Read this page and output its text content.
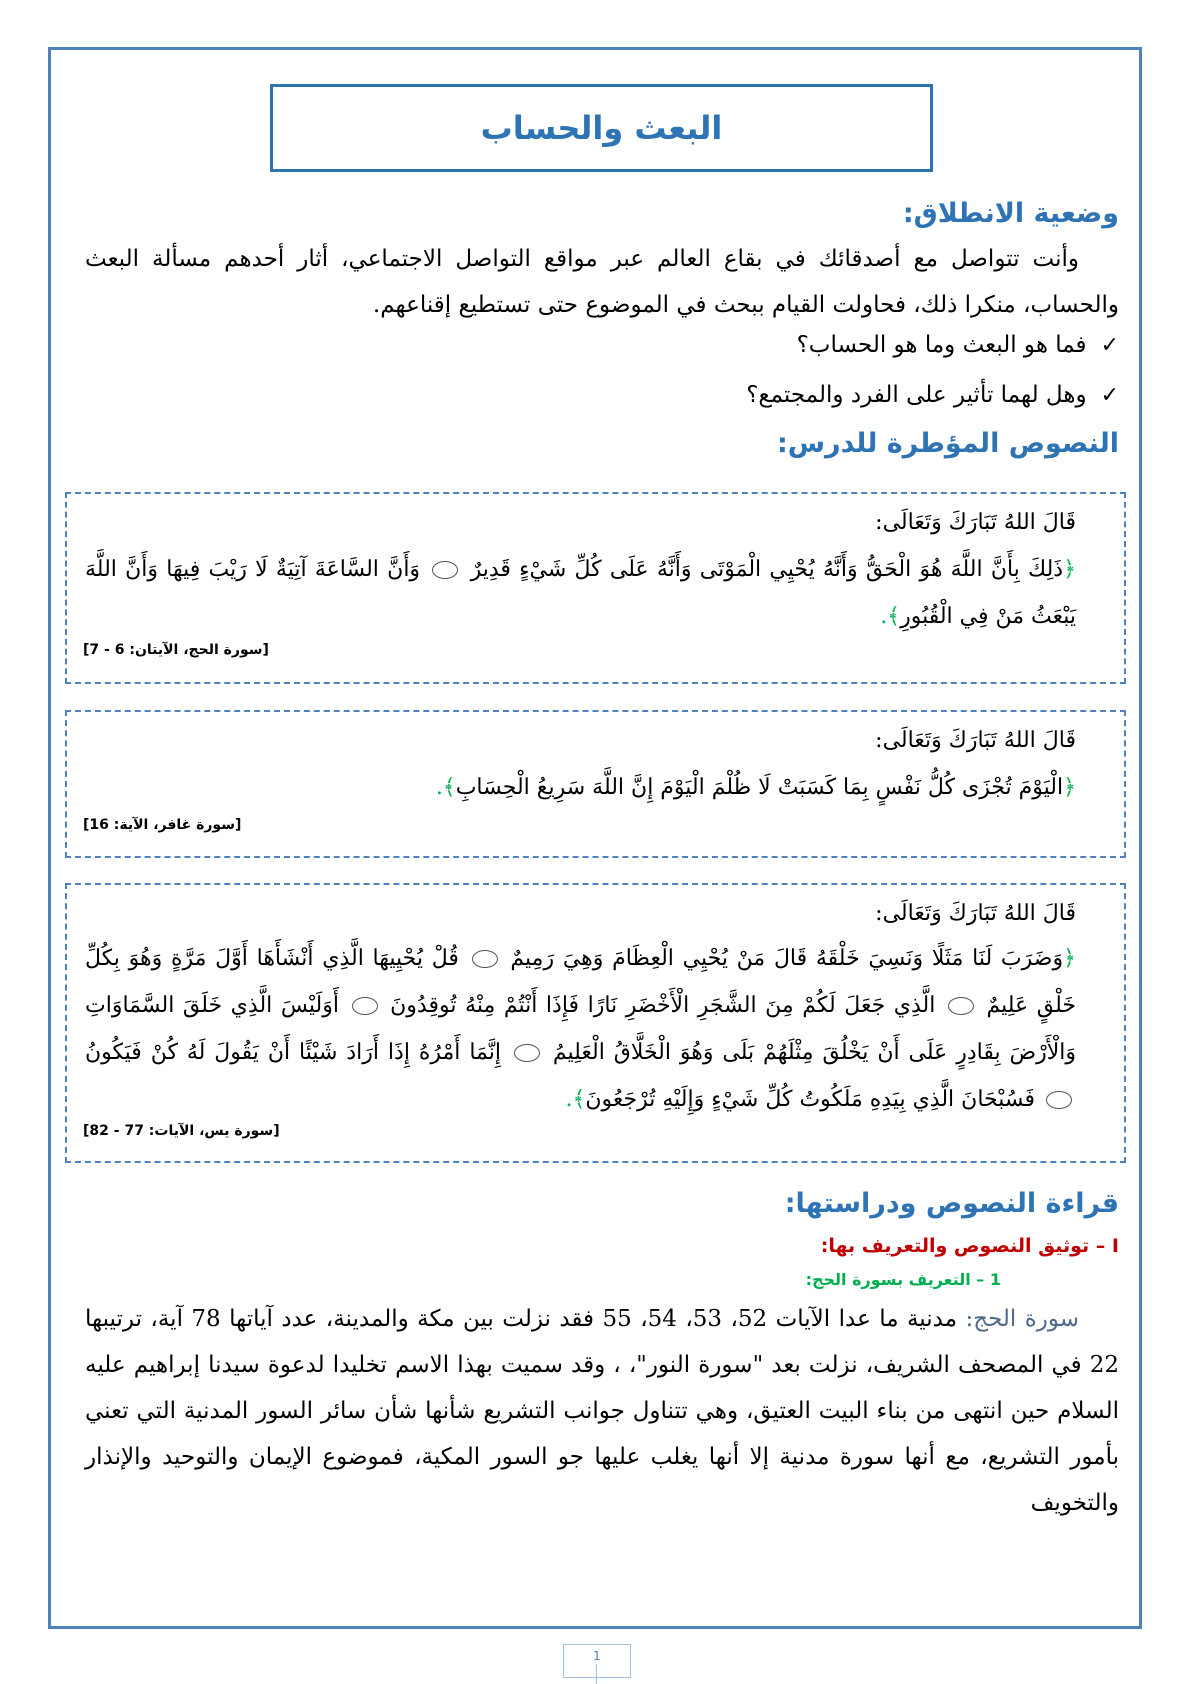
البعث والحساب
وضعية الانطلاق:
وأنت تتواصل مع أصدقائك في بقاع العالم عبر مواقع التواصل الاجتماعي، أثار أحدهم مسألة البعث والحساب، منكرا ذلك، فحاولت القيام ببحث في الموضوع حتى تستطيع إقناعهم.
✓
فما هو البعث وما هو الحساب؟
✓
وهل لهما تأثير على الفرد والمجتمع؟
النصوص المؤطرة للدرس:
قَالَ اللهُ تَبَارَكَ وَتَعَالَى:
﴿ذَلِكَ بِأَنَّ اللَّهَ هُوَ الْحَقُّ وَأَنَّهُ يُحْيِي الْمَوْتَى وَأَنَّهُ عَلَى كُلِّ شَيْءٍ قَدِيرٌ  وَأَنَّ السَّاعَةَ آتِيَةٌ لَا رَيْبَ فِيهَا وَأَنَّ اللَّهَ يَبْعَثُ مَنْ فِي الْقُبُورِ﴾.
[سورة الحج، الآيتان: 6 - 7]
قَالَ اللهُ تَبَارَكَ وَتَعَالَى:
﴿الْيَوْمَ تُجْزَى كُلُّ نَفْسٍ بِمَا كَسَبَتْ لَا ظُلْمَ الْيَوْمَ إِنَّ اللَّهَ سَرِيعُ الْحِسَابِ﴾.
[سورة غافر، الآية: 16]
قَالَ اللهُ تَبَارَكَ وَتَعَالَى:
﴿وَضَرَبَ لَنَا مَثَلًا وَنَسِيَ خَلْقَهُ قَالَ مَنْ يُحْيِي الْعِظَامَ وَهِيَ رَمِيمٌ  قُلْ يُحْيِيهَا الَّذِي أَنْشَأَهَا أَوَّلَ مَرَّةٍ وَهُوَ بِكُلِّ خَلْقٍ عَلِيمٌ  الَّذِي جَعَلَ لَكُمْ مِنَ الشَّجَرِ الْأَخْضَرِ نَارًا فَإِذَا أَنْتُمْ مِنْهُ تُوقِدُونَ  أَوَلَيْسَ الَّذِي خَلَقَ السَّمَاوَاتِ وَالْأَرْضَ بِقَادِرٍ عَلَى أَنْ يَخْلُقَ مِثْلَهُمْ بَلَى وَهُوَ الْخَلَّاقُ الْعَلِيمُ  إِنَّمَا أَمْرُهُ إِذَا أَرَادَ شَيْئًا أَنْ يَقُولَ لَهُ كُنْ فَيَكُونُ  فَسُبْحَانَ الَّذِي بِيَدِهِ مَلَكُوتُ كُلِّ شَيْءٍ وَإِلَيْهِ تُرْجَعُونَ﴾.
[سورة يس، الآيات: 77 - 82]
قراءة النصوص ودراستها:
I – توثيق النصوص والتعريف بها:
1 – التعريف بسورة الحج:
سورة الحج: مدنية ما عدا الآيات 52، 53، 54، 55 فقد نزلت بين مكة والمدينة، عدد آياتها 78 آية، ترتيبها 22 في المصحف الشريف، نزلت بعد "سورة النور"، ، وقد سميت بهذا الاسم تخليدا لدعوة سيدنا إبراهيم عليه السلام حين انتهى من بناء البيت العتيق، وهي تتناول جوانب التشريع شأنها شأن سائر السور المدنية التي تعني بأمور التشريع، مع أنها سورة مدنية إلا أنها يغلب عليها جو السور المكية، فموضوع الإيمان والتوحيد والإنذار والتخويف
1
